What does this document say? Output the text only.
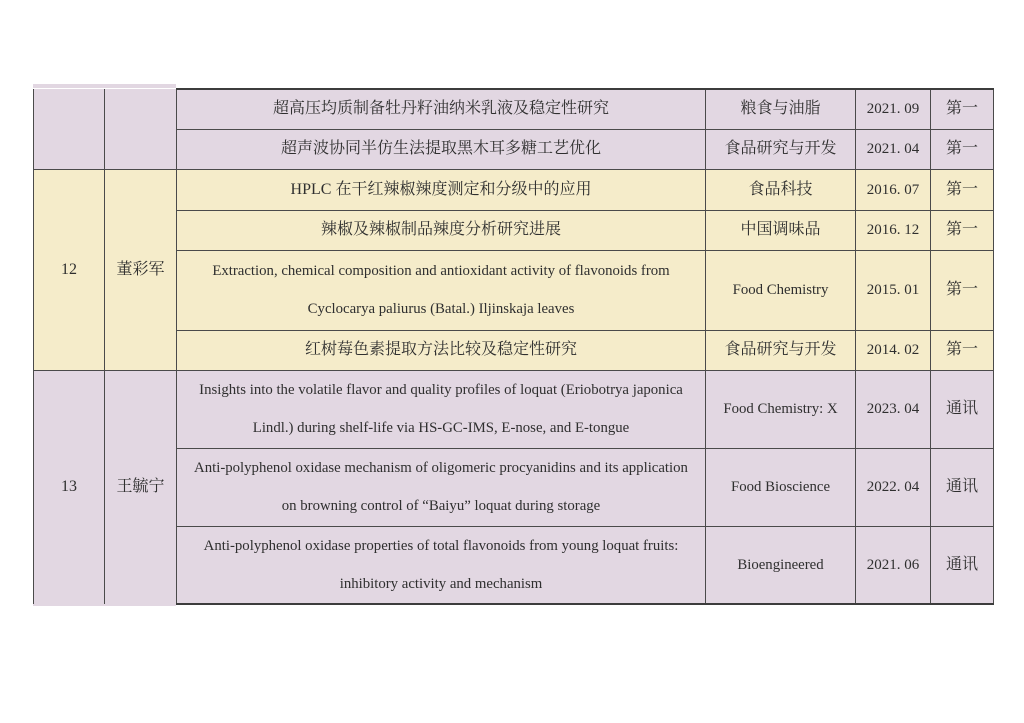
		超高压均质制备牡丹籽油纳米乳液及稳定性研究	粮食与油脂	2021. 09	第一
		超声波协同半仿生法提取黑木耳多糖工艺优化	食品研究与开发	2021. 04	第一
12	董彩军	HPLC 在干红辣椒辣度测定和分级中的应用	食品科技	2016. 07	第一
		辣椒及辣椒制品辣度分析研究进展	中国调味品	2016. 12	第一
		Extraction, chemical composition and antioxidant activity of flavonoids from Cyclocarya paliurus (Batal.) Iljinskaja leaves	Food Chemistry	2015. 01	第一
		红树莓色素提取方法比较及稳定性研究	食品研究与开发	2014. 02	第一
13	王毓宁	Insights into the volatile flavor and quality profiles of loquat (Eriobotrya japonica Lindl.) during shelf-life via HS-GC-IMS, E-nose, and E-tongue	Food Chemistry: X	2023. 04	通讯
		Anti-polyphenol oxidase mechanism of oligomeric procyanidins and its application on browning control of “Baiyu” loquat during storage	Food Bioscience	2022. 04	通讯
		Anti-polyphenol oxidase properties of total flavonoids from young loquat fruits: inhibitory activity and mechanism	Bioengineered	2021. 06	通讯
